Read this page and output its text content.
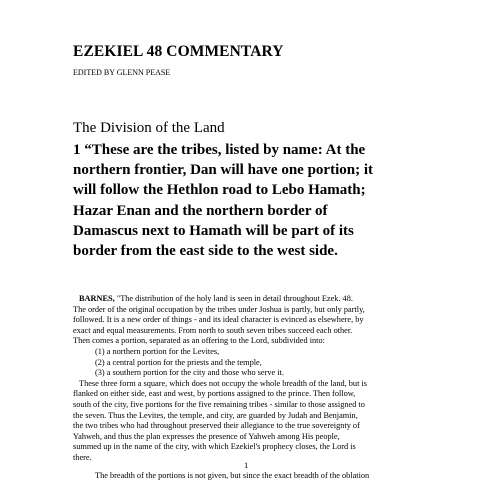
EZEKIEL 48 COMMENTARY
EDITED BY GLENN PEASE
The Division of the Land
1 “These are the tribes, listed by name: At the
northern frontier, Dan will have one portion; it
will follow the Hethlon road to Lebo Hamath;
Hazar Enan and the northern border of
Damascus next to Hamath will be part of its
border from the east side to the west side.
BARNES, "The distribution of the holy land is seen in detail throughout Ezek. 48.
The order of the original occupation by the tribes under Joshua is partly, but only partly,
followed. It is a new order of things - and its ideal character is evinced as elsewhere, by
exact and equal measurements. From north to south seven tribes succeed each other.
Then comes a portion, separated as an offering to the Lord, subdivided into:
(1) a northern portion for the Levites,
(2) a central portion for the priests and the temple,
(3) a southern portion for the city and those who serve it.
These three form a square, which does not occupy the whole breadth of the land, but is
flanked on either side, east and west, by portions assigned to the prince. Then follow,
south of the city, five portions for the five remaining tribes - similar to those assigned to
the seven. Thus the Levites, the temple, and city, are guarded by Judah and Benjamin,
the two tribes who had throughout preserved their allegiance to the true sovereignty of
Yahweh, and thus the plan expresses the presence of Yahweh among His people,
summed up in the name of the city, with which Ezekiel's prophecy closes, the Lord is
there.
The breadth of the portions is not given, but since the exact breadth of the oblation
1
